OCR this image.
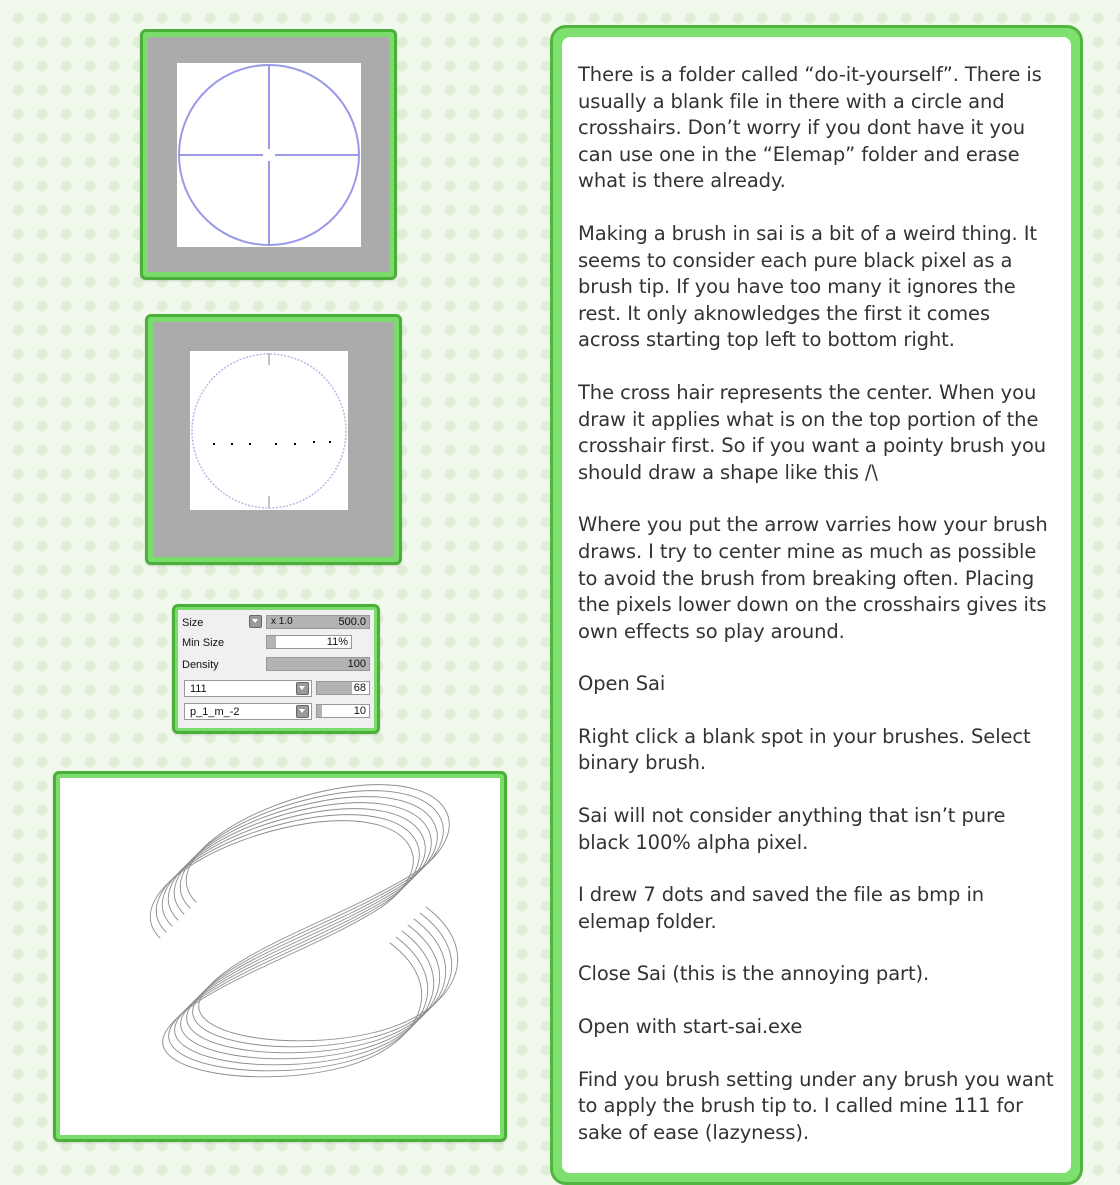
Size	x 1.0	500.0
Min Size	11%
Density	100
111	68
p_1_m_-2	10

There is a folder called “do-it-yourself”. There is usually a blank file in there with a circle and crosshairs. Don’t worry if you dont have it you can use one in the “Elemap” folder and erase what is there already.

Making a brush in sai is a bit of a weird thing. It seems to consider each pure black pixel as a brush tip. If you have too many it ignores the rest. It only aknowledges the first it comes across starting top left to bottom right.

The cross hair represents the center. When you draw it applies what is on the top portion of the crosshair first. So if you want a pointy brush you should draw a shape like this /\

Where you put the arrow varries how your brush draws. I try to center mine as much as possible to avoid the brush from breaking often. Placing the pixels lower down on the crosshairs gives its own effects so play around.

Open Sai

Right click a blank spot in your brushes. Select binary brush.

Sai will not consider anything that isn’t pure black 100% alpha pixel.

I drew 7 dots and saved the file as bmp in elemap folder.

Close Sai (this is the annoying part).

Open with start-sai.exe

Find you brush setting under any brush you want to apply the brush tip to. I called mine 111 for sake of ease (lazyness).
